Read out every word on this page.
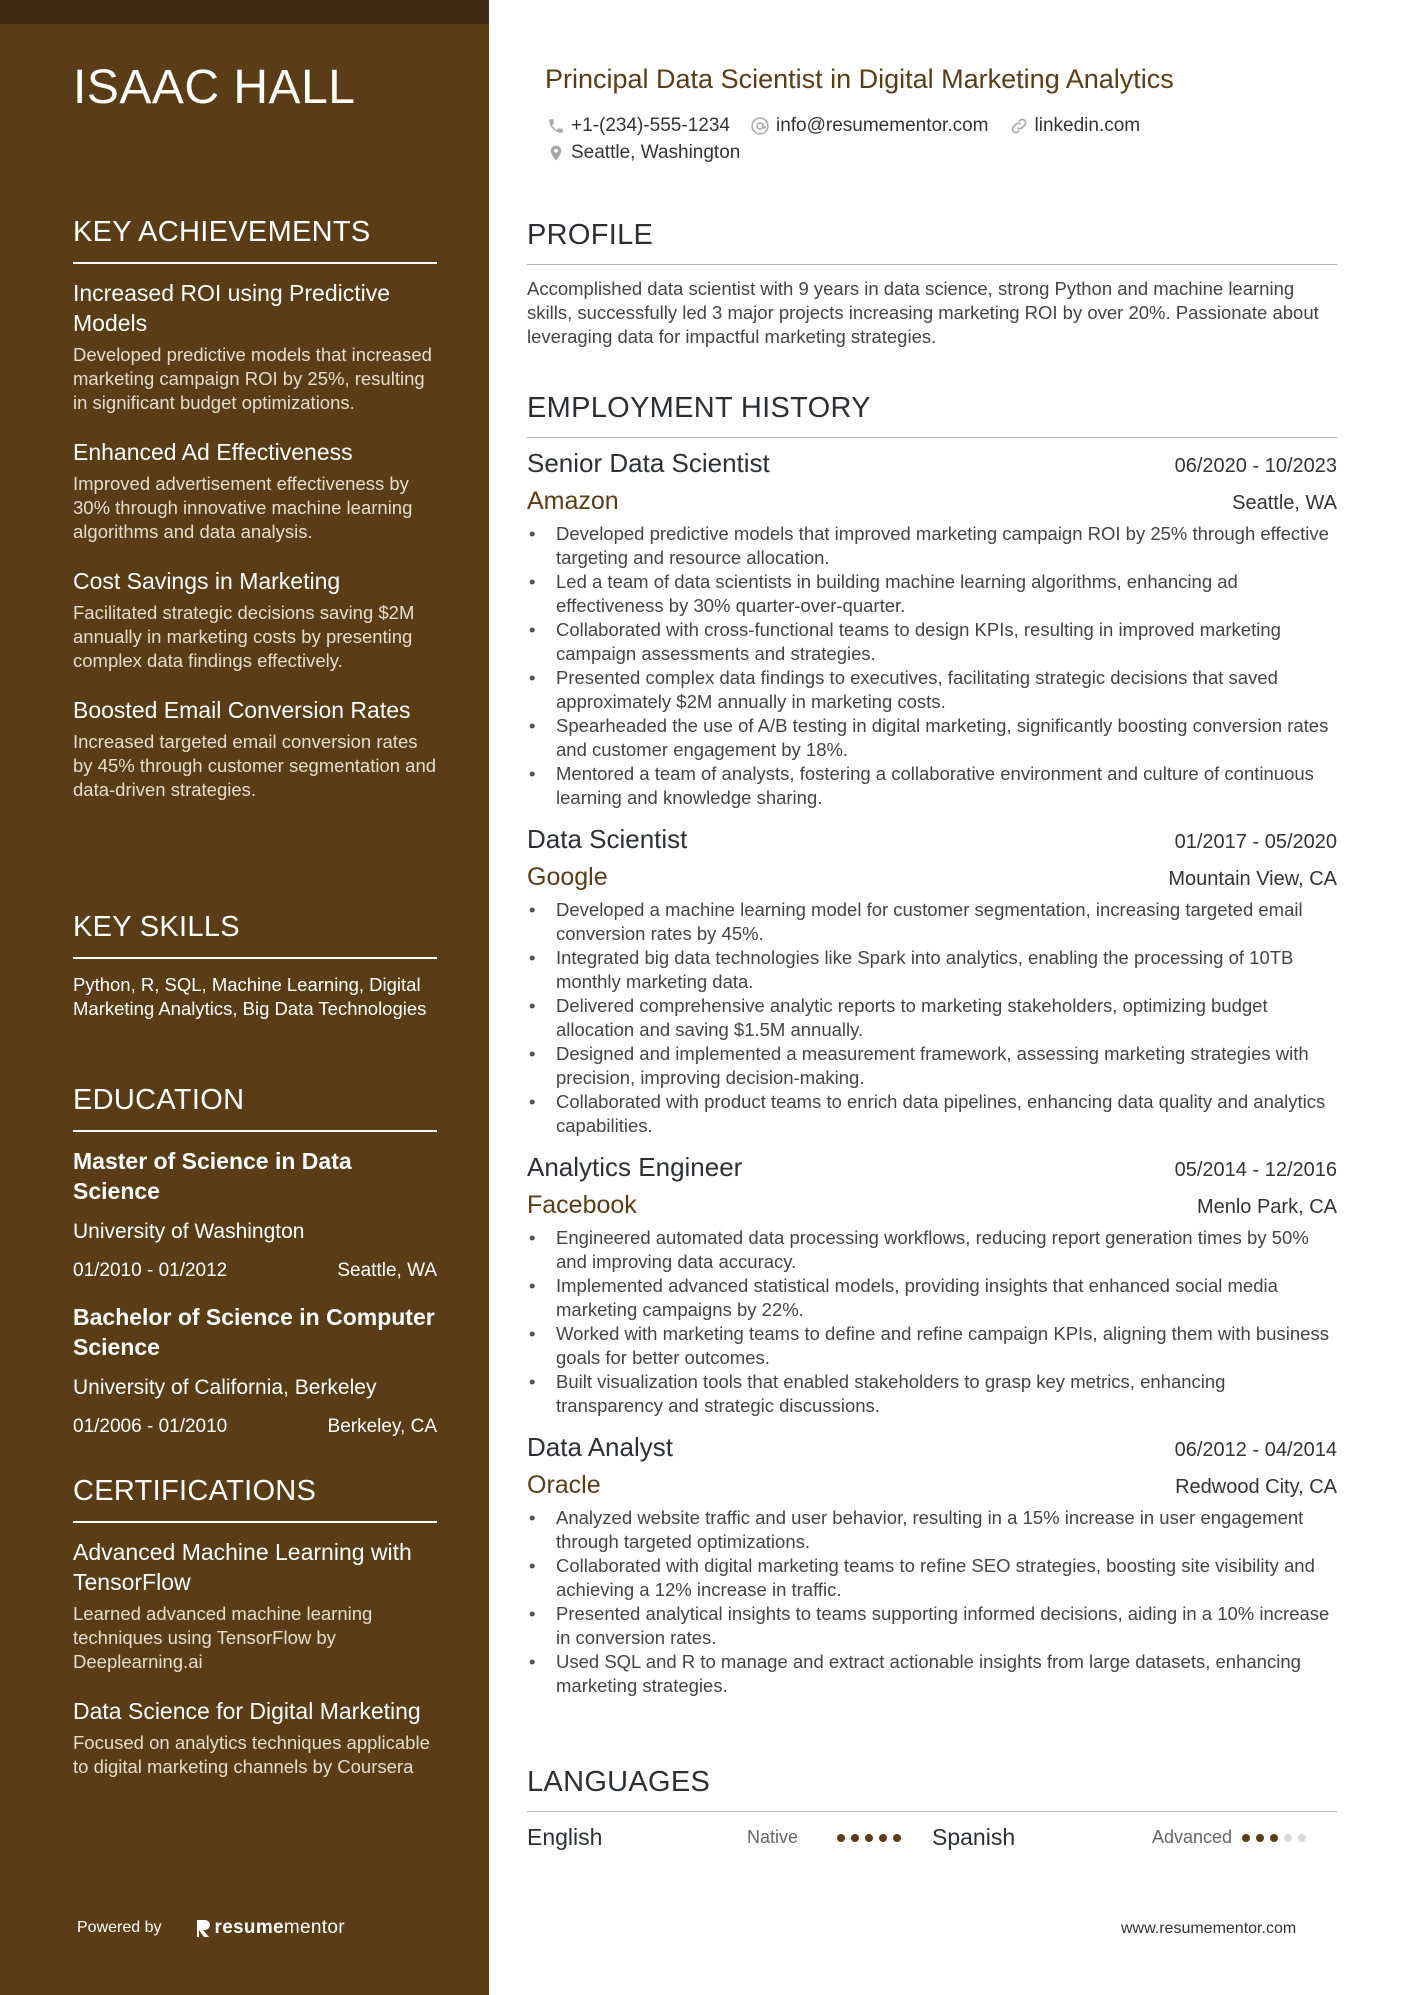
ISAAC HALL
KEY ACHIEVEMENTS
Increased ROI using Predictive Models
Developed predictive models that increased marketing campaign ROI by 25%, resulting in significant budget optimizations.
Enhanced Ad Effectiveness
Improved advertisement effectiveness by 30% through innovative machine learning algorithms and data analysis.
Cost Savings in Marketing
Facilitated strategic decisions saving $2M annually in marketing costs by presenting complex data findings effectively.
Boosted Email Conversion Rates
Increased targeted email conversion rates by 45% through customer segmentation and data-driven strategies.
KEY SKILLS
Python, R, SQL, Machine Learning, Digital Marketing Analytics, Big Data Technologies
EDUCATION
Master of Science in Data Science
University of Washington
01/2010 - 01/2012	Seattle, WA
Bachelor of Science in Computer Science
University of California, Berkeley
01/2006 - 01/2010	Berkeley, CA
CERTIFICATIONS
Advanced Machine Learning with TensorFlow
Learned advanced machine learning techniques using TensorFlow by Deeplearning.ai
Data Science for Digital Marketing
Focused on analytics techniques applicable to digital marketing channels by Coursera
Powered by	resume mentor
Principal Data Scientist in Digital Marketing Analytics
+1-(234)-555-1234 info@resumementor.com linkedin.com
Seattle, Washington
PROFILE
Accomplished data scientist with 9 years in data science, strong Python and machine learning skills, successfully led 3 major projects increasing marketing ROI by over 20%. Passionate about leveraging data for impactful marketing strategies.
EMPLOYMENT HISTORY
Senior Data Scientist	06/2020 - 10/2023
Amazon	Seattle, WA
• Developed predictive models that improved marketing campaign ROI by 25% through effective targeting and resource allocation.
• Led a team of data scientists in building machine learning algorithms, enhancing ad effectiveness by 30% quarter-over-quarter.
• Collaborated with cross-functional teams to design KPIs, resulting in improved marketing campaign assessments and strategies.
• Presented complex data findings to executives, facilitating strategic decisions that saved approximately $2M annually in marketing costs.
• Spearheaded the use of A/B testing in digital marketing, significantly boosting conversion rates and customer engagement by 18%.
• Mentored a team of analysts, fostering a collaborative environment and culture of continuous learning and knowledge sharing.
Data Scientist	01/2017 - 05/2020
Google	Mountain View, CA
• Developed a machine learning model for customer segmentation, increasing targeted email conversion rates by 45%.
• Integrated big data technologies like Spark into analytics, enabling the processing of 10TB monthly marketing data.
• Delivered comprehensive analytic reports to marketing stakeholders, optimizing budget allocation and saving $1.5M annually.
• Designed and implemented a measurement framework, assessing marketing strategies with precision, improving decision-making.
• Collaborated with product teams to enrich data pipelines, enhancing data quality and analytics capabilities.
Analytics Engineer	05/2014 - 12/2016
Facebook	Menlo Park, CA
• Engineered automated data processing workflows, reducing report generation times by 50% and improving data accuracy.
• Implemented advanced statistical models, providing insights that enhanced social media marketing campaigns by 22%.
• Worked with marketing teams to define and refine campaign KPIs, aligning them with business goals for better outcomes.
• Built visualization tools that enabled stakeholders to grasp key metrics, enhancing transparency and strategic discussions.
Data Analyst	06/2012 - 04/2014
Oracle	Redwood City, CA
• Analyzed website traffic and user behavior, resulting in a 15% increase in user engagement through targeted optimizations.
• Collaborated with digital marketing teams to refine SEO strategies, boosting site visibility and achieving a 12% increase in traffic.
• Presented analytical insights to teams supporting informed decisions, aiding in a 10% increase in conversion rates.
• Used SQL and R to manage and extract actionable insights from large datasets, enhancing marketing strategies.
LANGUAGES
English	Native	Spanish	Advanced
www.resumementor.com
